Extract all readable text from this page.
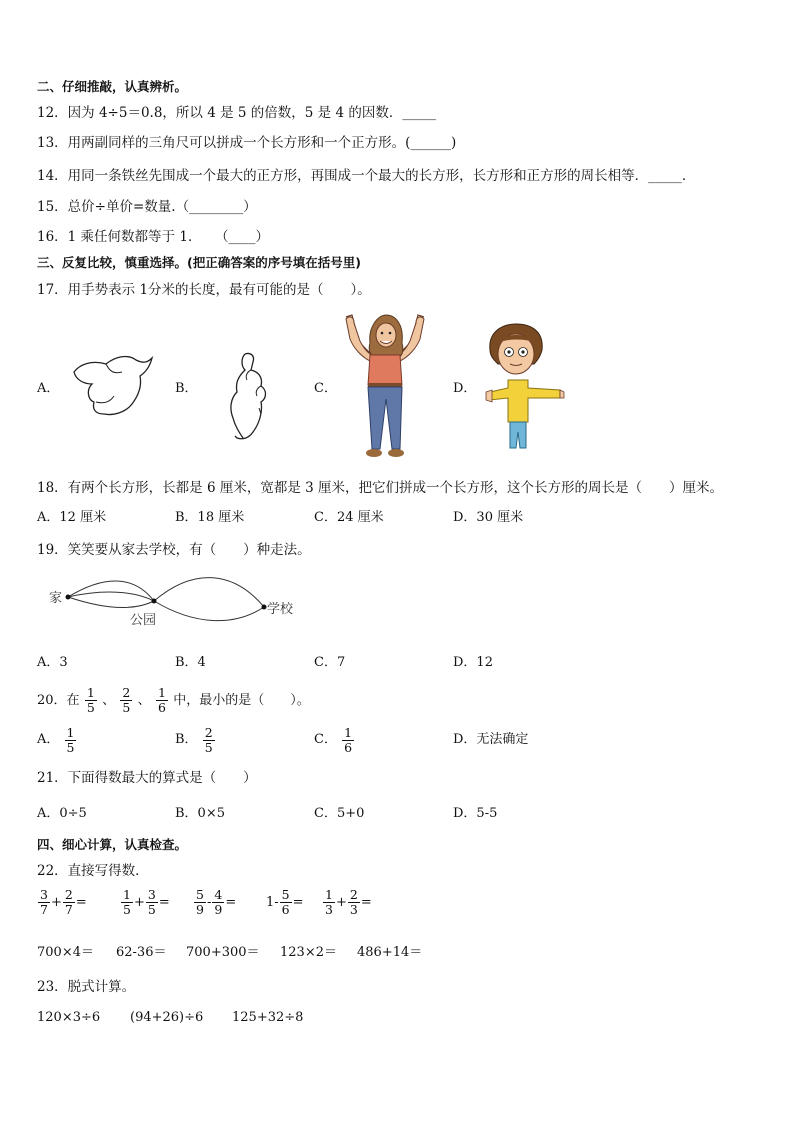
二、仔细推敲，认真辨析。
12．因为 4÷5＝0.8，所以 4 是 5 的倍数，5 是 4 的因数．_____
13．用两副同样的三角尺可以拼成一个长方形和一个正方形。(______)
14．用同一条铁丝先围成一个最大的正方形，再围成一个最大的长方形，长方形和正方形的周长相等．_____．
15．总价÷单价=数量.（________）
16．1 乘任何数都等于 1．　　（____）
三、反复比较，慎重选择。(把正确答案的序号填在括号里)
17．用手势表示 1分米的长度，最有可能的是（　　）。
A．	B．	C．	D．
18．有两个长方形，长都是 6 厘米，宽都是 3 厘米，把它们拼成一个长方形，这个长方形的周长是（　　）厘米。
A．12 厘米	B．18 厘米	C．24 厘米	D．30 厘米
19．笑笑要从家去学校，有（　　）种走法。
家
公园
学校
A．3	B．4	C．7	D．12
20．在 $\frac{1}{5}$ 、 $\frac{2}{5}$ 、 $\frac{1}{6}$ 中，最小的是（　　）。
A． $\frac{1}{5}$	B． $\frac{2}{5}$	C． $\frac{1}{6}$	D．无法确定
21．下面得数最大的算式是（　　）
A．0÷5	B．0×5	C．5+0	D．5-5
四、细心计算，认真检查。
22．直接写得数．
$\frac{3}{7} + \frac{2}{7}$ =	$\frac{1}{5} + \frac{3}{5} = \frac{5}{9} - \frac{4}{9} = 1- \frac{5}{6} = \frac{1}{3} + \frac{2}{3}$ =
700×4＝ 62-36＝ 700+300＝ 123×2＝ 486+14＝
23．脱式计算。
120×3÷6 (94+26)÷6 125+32÷8
